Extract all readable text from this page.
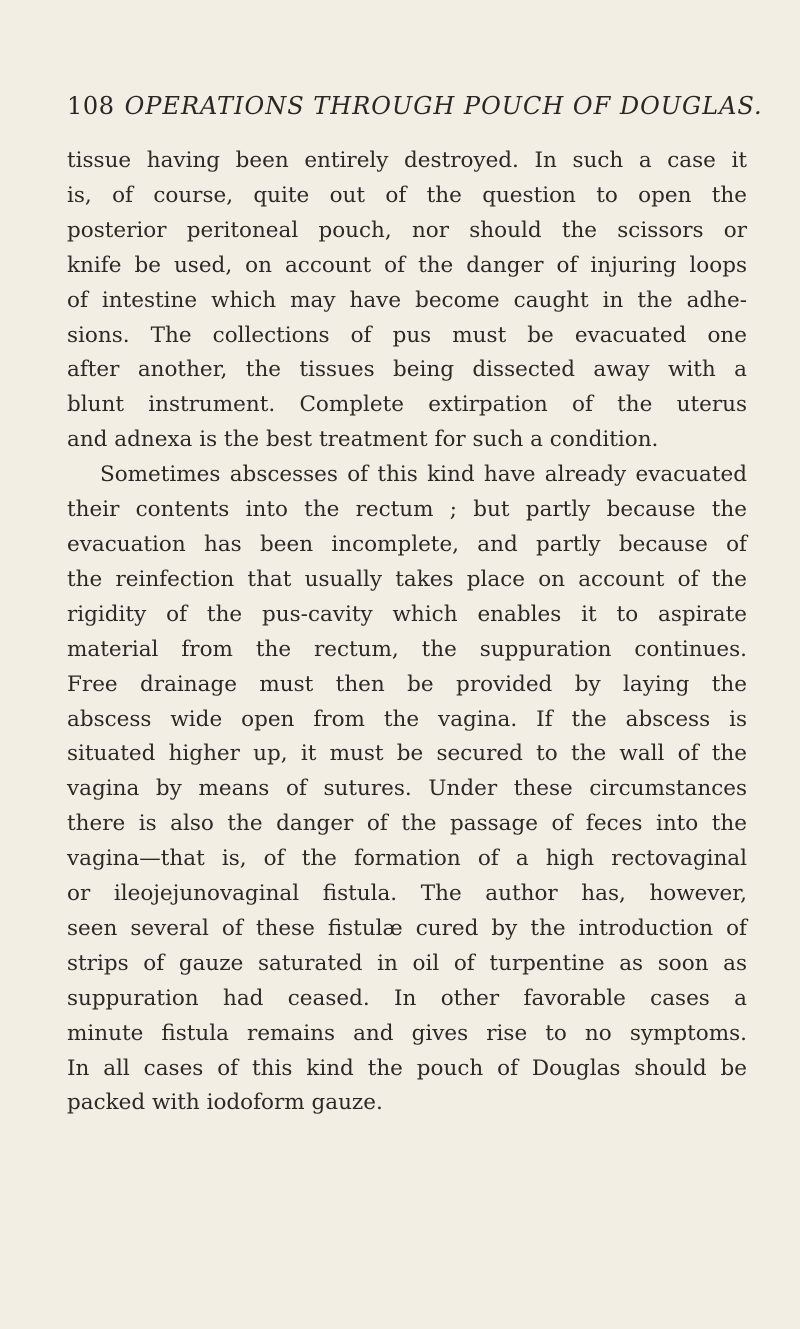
108 OPERATIONS THROUGH POUCH OF DOUGLAS.
tissue having been entirely destroyed. In such a case it
is, of course, quite out of the question to open the
posterior peritoneal pouch, nor should the scissors or
knife be used, on account of the danger of injuring loops
of intestine which may have become caught in the adhe-
sions. The collections of pus must be evacuated one
after another, the tissues being dissected away with a
blunt instrument. Complete extirpation of the uterus
and adnexa is the best treatment for such a condition.
Sometimes abscesses of this kind have already evacuated
their contents into the rectum ; but partly because the
evacuation has been incomplete, and partly because of
the reinfection that usually takes place on account of the
rigidity of the pus-cavity which enables it to aspirate
material from the rectum, the suppuration continues.
Free drainage must then be provided by laying the
abscess wide open from the vagina. If the abscess is
situated higher up, it must be secured to the wall of the
vagina by means of sutures. Under these circumstances
there is also the danger of the passage of feces into the
vagina—that is, of the formation of a high rectovaginal
or ileojejunovaginal fistula. The author has, however,
seen several of these fistulæ cured by the introduction of
strips of gauze saturated in oil of turpentine as soon as
suppuration had ceased. In other favorable cases a
minute fistula remains and gives rise to no symptoms.
In all cases of this kind the pouch of Douglas should be
packed with iodoform gauze.
